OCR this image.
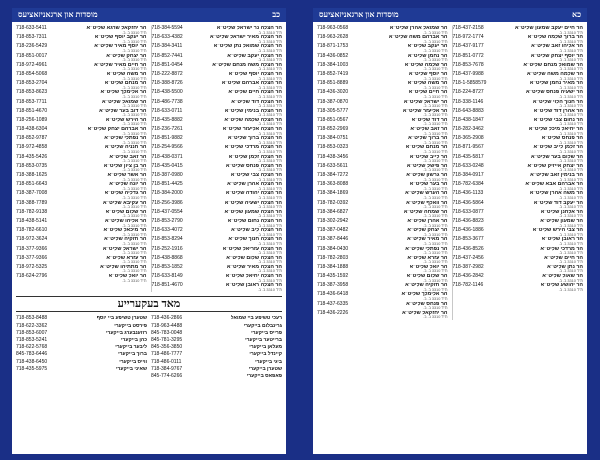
כב
מוסדות און ארגאניזאציעס
הר הצלה נר ישראל שליט"א
ת"ד 3310 ב. ב.
718-384-5594
הר הצלה מאיר ישראל שליט"א
ת"ד 3310 ב. ב.
718-633-4382
הר הצלה שמואל נתן שליט"א
ת"ד 3310 ב. ב.
718-384-3411
הר הצלה יעקב שליט"א
ת"ד 3310 ב. ב.
718-852-7441
הר הצלה משה מנחם שליט"א
ת"ד 3310 ב. ב.
718-851-0454
הר הצלה יוסף שליט"א
ת"ד 3310 ב. ב.
718-222-8872
הר הצלה אברהם שליט"א
ת"ד 3310 ב. ב.
718-388-8726
הר הצלה חיים שליט"א
ת"ד 3310 ב. ב.
718-438-5500
הר הצלה דוד שליט"א
ת"ד 3310 ב. ב.
718-486-7738
הר הצלה בנימין שליט"א
ת"ד 3310 ב. ב.
718-633-0711
הר הצלה שלמה שליט"א
ת"ד 3310 ב. ב.
718-435-8882
הר הצלה אליעזר שליט"א
ת"ד 3310 ב. ב.
718-236-7261
הר הצלה ברוך שליט"א
ת"ד 3310 ב. ב.
718-851-9882
הר הצלה מרדכי שליט"א
ת"ד 3310 ב. ב.
718-254-9566
הר הצלה זלמן שליט"א
ת"ד 3310 ב. ב.
718-438-0371
הר הצלה פנחס שליט"א
ת"ד 3310 ב. ב.
718-435-0415
הר הצלה צבי שליט"א
ת"ד 3310 ב. ב.
718-387-0980
הר הצלה אהרן שליט"א
ת"ד 3310 ב. ב.
718-851-4425
הר הצלה יהודה שליט"א
ת"ד 3310 ב. ב.
718-384-2000
הר הצלה ישעיה שליט"א
ת"ד 3310 ב. ב.
718-256-3986
הר הצלה שמעון שליט"א
ת"ד 3310 ב. ב.
718-437-0554
הר הצלה נחום שליט"א
ת"ד 3310 ב. ב.
718-853-2790
הר הצלה ליב שליט"א
ת"ד 3310 ב. ב.
718-633-4072
הר הצלה חנוך שליט"א
ת"ד 3310 ב. ב.
718-853-8294
הר הצלה עזריאל שליט"א
ת"ד 3310 ב. ב.
718-252-1916
הר הצלה שלום שליט"א
ת"ד 3310 ב. ב.
718-438-8868
הר הצלה מאיר שליט"א
ת"ד 3310 ב. ב.
718-853-1852
הר הצלה יחיאל שליט"א
ת"ד 3310 ב. ב.
718-633-8149
הר הצלה ראובן שליט"א
ת"ד 3310 ב. ב.
718-851-4670
הר יחזקאל שרגא שליט"א
ת"ד 3310 ב. ב.
718-633-5411
הר יעקב יוסף שליט"א
ת"ד 3310 ב. ב.
718-853-7311
הר יוסף מאיר שליט"א
ת"ד 3310 ב. ב.
718-236-5429
הר יצחק שליט"א
ת"ד 3310 ב. ב.
718-851-0017
הר חיים מאיר שליט"א
ת"ד 3310 ב. ב.
718-972-4961
הר משה שליט"א
ת"ד 3310 ב. ב.
718-854-5068
הר מנחם שליט"א
ת"ד 3310 ב. ב.
718-853-2704
הר אלימלך שליט"א
ת"ד 3310 ב. ב.
718-853-8623
הר שמואל שליט"א
ת"ד 3310 ב. ב.
718-853-7711
הר דוב בער שליט"א
ת"ד 3310 ב. ב.
718-851-4670
הר הירש שליט"א
ת"ד 3310 ב. ב.
718-256-1089
הר אברהם יצחק שליט"א
ת"ד 3310 ב. ב.
718-438-6304
הר נפתלי שליט"א
ת"ד 3310 ב. ב.
718-852-9787
הר חנניה שליט"א
ת"ד 3310 ב. ב.
718-972-4858
הר זאב שליט"א
ת"ד 3310 ב. ב.
718-435-5426
הר בן ציון שליט"א
ת"ד 3310 ב. ב.
718-853-0735
הר אשר שליט"א
ת"ד 3310 ב. ב.
718-388-1625
הר יונה שליט"א
ת"ד 3310 ב. ב.
718-851-6643
הר גדליה שליט"א
ת"ד 3310 ב. ב.
718-387-7008
הר עקיבא שליט"א
ת"ד 3310 ב. ב.
718-388-7789
הר שלום שליט"א
ת"ד 3310 ב. ב.
718-782-9138
הר אליהו שליט"א
ת"ד 3310 ב. ב.
718-438-5141
הר מיכאל שליט"א
ת"ד 3310 ב. ב.
718-782-6610
הר חזקיה שליט"א
ת"ד 3310 ב. ב.
718-972-3624
הר ישראל שליט"א
ת"ד 3310 ב. ב.
718-377-9366
הר עזרא שליט"א
ת"ד 3310 ב. ב.
718-377-9366
הר מתתיהו שליט"א
ת"ד 3310 ב. ב.
718-972-5325
הר יואל שליט"א
ת"ד 3310 ב. ב.
718-624-2796
מאד בעקערייע
רעכי טשיפע ביי שמואל
718-436-2866
גרינבלום בייקערי
718-963-4488
פרייס בייקערי
845-783-0048
ברייטער בייקערי
845-781-3295
מעלאן בייקערי
845-356-3850
קיינדל בייקערי
718-486-7777
ביגי בייקערי
718-486-0111
שטערן בייקערי
718-384-9767
פאפאס בייקערי
845-774-6266
שטערן טשיפע ביי יוסף
718-853-8488
פירסט בייקערי
718-622-3362
רוזענבערג בייקערי
718-853-6007
כהן בייקערי
718-853-5241
ליבער בייקערי
718-622-5768
ברוך בייקערי
845-783-6446
ווייס בייקערי
718-438-6450
שאיני בייקערי
718-435-5975
כא
מוסדות און ארגאניזאציעס
הר חיים יעקב שמעון שליט"א
ת"ד 3310 ב. ב.
718-437-2158
הר ברוך שלמה שליט"א
ת"ד 3310 ב. ב.
718-972-1774
הר אליהו זאב שליט"א
ת"ד 3310 ב. ב.
718-437-9177
הר יוסף יצחק שליט"א
ת"ד 3310 ב. ב.
718-851-0772
הר שמואל מנחם שליט"א
ת"ד 3310 ב. ב.
718-853-7678
הר שלמה משה שליט"א
ת"ד 3310 ב. ב.
718-437-9988
הר מאיר נחמן שליט"א
ת"ד 3310 ב. ב.
718-1-5858579
הר ישעיה פנחס שליט"א
ת"ד 3310 ב. ב.
718-224-8727
הר חנוך הלוי שליט"א
ת"ד 3310 ב. ב.
718-338-1146
הר אהרן דוד שליט"א
ת"ד 3310 ב. ב.
718-643-8883
הר נחום צבי שליט"א
ת"ד 3310 ב. ב.
718-438-1847
הר יחיאל מיכל שליט"א
ת"ד 3310 ב. ב.
718-282-3462
הר פנחס שליט"א
ת"ד 3310 ב. ב.
718-365-2908
הר זלמן לייב שליט"א
ת"ד 3310 ב. ב.
718-871-9567
הר שלום בער שליט"א
ת"ד 3310 ב. ב.
718-435-5817
הר יצחק אייזיק שליט"א
ת"ד 3310 ב. ב.
718-633-0248
הר בנימין זאב שליט"א
ת"ד 3310 ב. ב.
718-384-0917
הר אברהם אבא שליט"א
ת"ד 3310 ב. ב.
718-782-6384
הר משה אהרן שליט"א
ת"ד 3310 ב. ב.
718-436-1133
הר יעקב דוד שליט"א
ת"ד 3310 ב. ב.
718-436-5864
הר אלחנן שליט"א
ת"ד 3310 ב. ב.
718-633-0877
הר שמעון שליט"א
ת"ד 3310 ב. ב.
718-436-8823
הר צבי הירש שליט"א
ת"ד 3310 ב. ב.
718-436-1886
הר ראובן שליט"א
ת"ד 3310 ב. ב.
718-853-3677
הר מרדכי שליט"א
ת"ד 3310 ב. ב.
718-436-8526
הר חיים שליט"א
ת"ד 3310 ב. ב.
718-437-2456
הר נתן שליט"א
ת"ד 3310 ב. ב.
718-387-2982
הר שאול שליט"א
ת"ד 3310 ב. ב.
718-436-2842
הר יהושע שליט"א
ת"ד 3310 ב. ב.
718-782-1146
הר שמואל אהרן שליט"א
ת"ד 3310 ב. ב.
718-963-0568
הר אברהם משה שליט"א
ת"ד 3310 ב. ב.
718-963-2628
הר יעקב שליט"א
ת"ד 3310 ב. ב.
718-871-1753
הר נחמן שליט"א
ת"ד 3310 ב. ב.
718-436-0852
הר שלמה שליט"א
ת"ד 3310 ב. ב.
718-384-1003
הר יוסף שליט"א
ת"ד 3310 ב. ב.
718-852-7419
הר משה שליט"א
ת"ד 3310 ב. ב.
718-851-8889
הר חיים שליט"א
ת"ד 3310 ב. ב.
718-436-3020
הר ישראל שליט"א
ת"ד 3310 ב. ב.
718-387-0870
הר אליעזר שליט"א
ת"ד 3310 ב. ב.
718-305-5777
הר דוד שליט"א
ת"ד 3310 ב. ב.
718-851-0567
הר זאב שליט"א
ת"ד 3310 ב. ב.
718-852-2969
הר ברוך שליט"א
ת"ד 3310 ב. ב.
718-384-0751
הר מנחם שליט"א
ת"ד 3310 ב. ב.
718-853-0323
הר לייב שליט"א
ת"ד 3310 ב. ב.
718-438-3456
הר פישל שליט"א
ת"ד 3310 ב. ב.
718-633-5611
הר גרשון שליט"א
ת"ד 3310 ב. ב.
718-384-7272
הר בער שליט"א
ת"ד 3310 ב. ב.
718-363-8088
הר הערש שליט"א
ת"ד 3310 ב. ב.
718-384-1869
הר וואלף שליט"א
ת"ד 3310 ב. ב.
718-782-0392
הר שמחה שליט"א
ת"ד 3310 ב. ב.
718-384-6827
הר אהרן שליט"א
ת"ד 3310 ב. ב.
718-302-2942
הר יצחק שליט"א
ת"ד 3310 ב. ב.
718-387-0482
הר מאיר שליט"א
ת"ד 3310 ב. ב.
718-387-8446
הר נפתלי שליט"א
ת"ד 3310 ב. ב.
718-384-0430
הר עזרא שליט"א
ת"ד 3310 ב. ב.
718-782-2803
הר יואל שליט"א
ת"ד 3310 ב. ב.
718-384-1888
הר שלום שליט"א
ת"ד 3310 ב. ב.
718-435-1592
הר חזקיה שליט"א
ת"ד 3310 ב. ב.
718-387-3958
הר אלימלך שליט"א
ת"ד 3310 ב. ב.
718-436-6418
הר פנחס שליט"א
ת"ד 3310 ב. ב.
718-437-6335
הר יחזקאל שליט"א
ת"ד 3310 ב. ב.
718-436-2226
